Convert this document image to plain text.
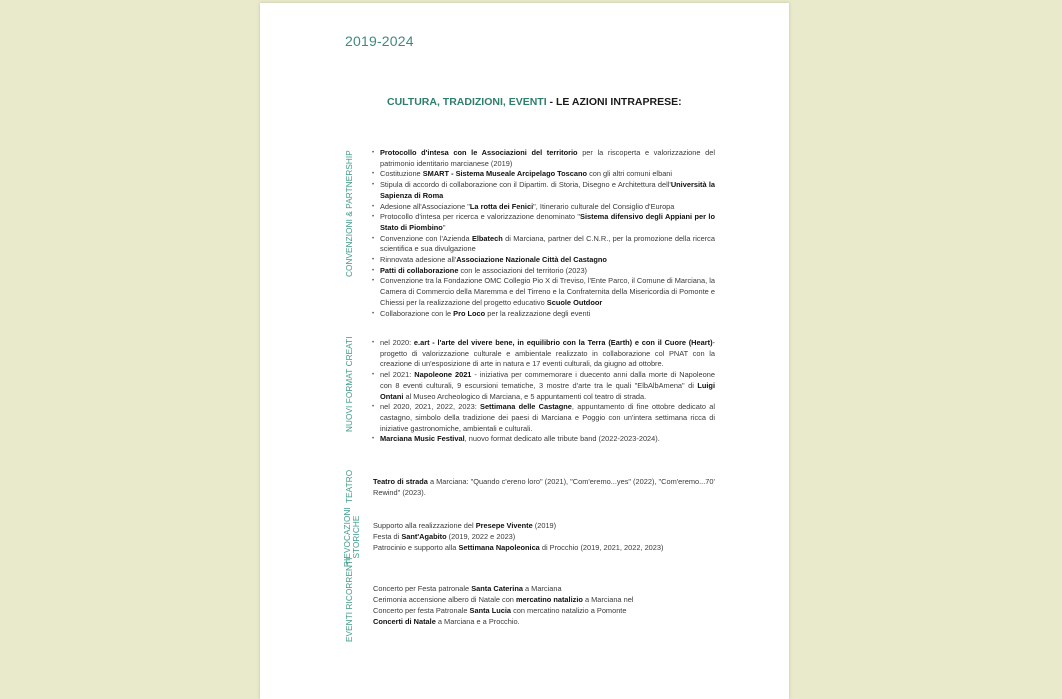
2019-2024
CULTURA, TRADIZIONI, EVENTI - LE AZIONI INTRAPRESE:
CONVENZIONI & PARTNERSHIP	• Protocollo d'intesa con le Associazioni del territorio per la riscoperta e valorizzazione del patrimonio identitario marcianese (2019)
• Costituzione SMART - Sistema Museale Arcipelago Toscano con gli altri comuni elbani
• Stipula di accordo di collaborazione con il Dipartim. di Storia, Disegno e Architettura dell'Università la Sapienza di Roma
• Adesione all'Associazione "La rotta dei Fenici", Itinerario culturale del Consiglio d'Europa
• Protocollo d'intesa per ricerca e valorizzazione denominato "Sistema difensivo degli Appiani per lo Stato di Piombino"
• Convenzione con l'Azienda Elbatech di Marciana, partner del C.N.R., per la promozione della ricerca scientifica e sua divulgazione
• Rinnovata adesione all'Associazione Nazionale Città del Castagno
• Patti di collaborazione con le associazioni del territorio (2023)
• Convenzione tra la Fondazione OMC Collegio Pio X di Treviso, l'Ente Parco, il Comune di Marciana, la Camera di Commercio della Maremma e del Tirreno e la Confraternita della Misericordia di Pomonte e Chiessi per la realizzazione del progetto educativo Scuole Outdoor
• Collaborazione con le Pro Loco per la realizzazione degli eventi
NUOVI FORMAT CREATI	• nel 2020: e.art - l'arte del vivere bene, in equilibrio con la Terra (Earth) e con il Cuore (Heart)- progetto di valorizzazione culturale e ambientale realizzato in collaborazione col PNAT con la creazione di un'esposizione di arte in natura e 17 eventi culturali, da giugno ad ottobre.
• nel 2021: Napoleone 2021 - iniziativa per commemorare i duecento anni dalla morte di Napoleone con 8 eventi culturali, 9 escursioni tematiche, 3 mostre d'arte tra le quali "ElbAlbAmena" di Luigi Ontani al Museo Archeologico di Marciana, e 5 appuntamenti col teatro di strada.
• nel 2020, 2021, 2022, 2023: Settimana delle Castagne, appuntamento di fine ottobre dedicato al castagno, simbolo della tradizione dei paesi di Marciana e Poggio con un'intera settimana ricca di iniziative gastronomiche, ambientali e culturali.
• Marciana Music Festival, nuovo format dedicato alle tribute band (2022-2023-2024).
TEATRO	Teatro di strada a Marciana: "Quando c'ereno loro" (2021), "Com'eremo...yes" (2022), "Com'eremo...70' Rewind" (2023).
RIEVOCAZIONI STORICHE Supporto alla realizzazione del Presepe Vivente (2019)
Festa di Sant'Agabito (2019, 2022 e 2023)
Patrocinio e supporto alla Settimana Napoleonica di Procchio (2019, 2021, 2022, 2023)
EVENTI RICORRENTI	Concerto per Festa patronale Santa Caterina a Marciana
Cerimonia accensione albero di Natale con mercatino natalizio a Marciana nel
Concerto per festa Patronale Santa Lucia con mercatino natalizio a Pomonte
Concerti di Natale a Marciana e a Procchio.
